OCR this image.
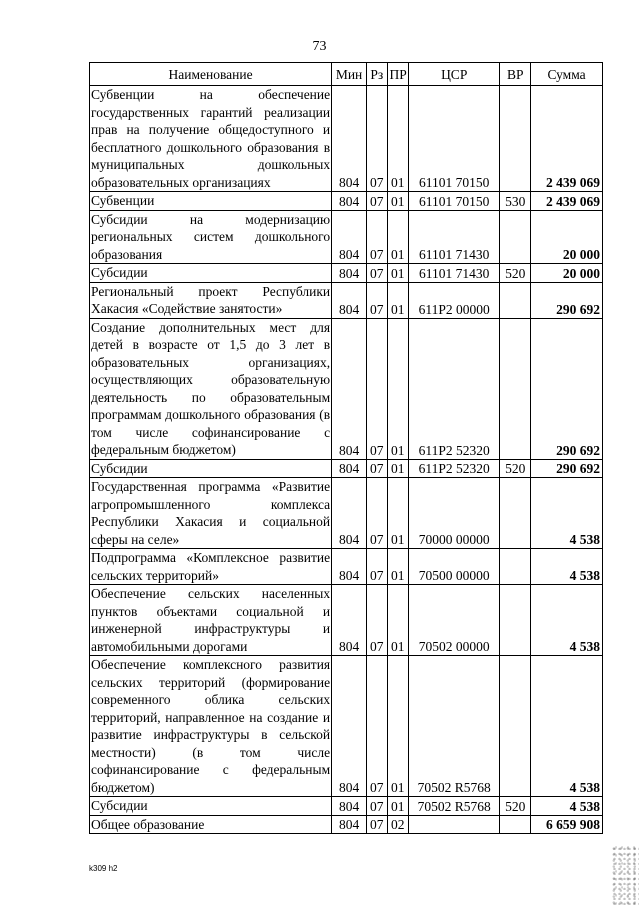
73
Наименование	Мин	Рз	ПР	ЦСР	ВР	Сумма
Субвенции на обеспечение государственных гарантий реализации прав на получение общедоступного и бесплатного дошкольного образования в муниципальных дошкольных образовательных организациях	804	07	01	61101 70150		2 439 069
Субвенции	804	07	01	61101 70150	530	2 439 069
Субсидии на модернизацию региональных систем дошкольного образования	804	07	01	61101 71430		20 000
Субсидии	804	07	01	61101 71430	520	20 000
Региональный проект Республики Хакасия «Содействие занятости»	804	07	01	611P2 00000		290 692
Создание дополнительных мест для детей в возрасте от 1,5 до 3 лет в образовательных организациях, осуществляющих образовательную деятельность по образовательным программам дошкольного образования (в том числе софинансирование с федеральным бюджетом)	804	07	01	611P2 52320		290 692
Субсидии	804	07	01	611P2 52320	520	290 692
Государственная программа «Развитие агропромышленного комплекса Республики Хакасия и социальной сферы на селе»	804	07	01	70000 00000		4 538
Подпрограмма «Комплексное развитие сельских территорий»	804	07	01	70500 00000		4 538
Обеспечение сельских населенных пунктов объектами социальной и инженерной инфраструктуры и автомобильными дорогами	804	07	01	70502 00000		4 538
Обеспечение комплексного развития сельских территорий (формирование современного облика сельских территорий, направленное на создание и развитие инфраструктуры в сельской местности) (в том числе софинансирование с федеральным бюджетом)	804	07	01	70502 R5768		4 538
Субсидии	804	07	01	70502 R5768	520	4 538
Общее образование	804	07	02			6 659 908
k309 h2
